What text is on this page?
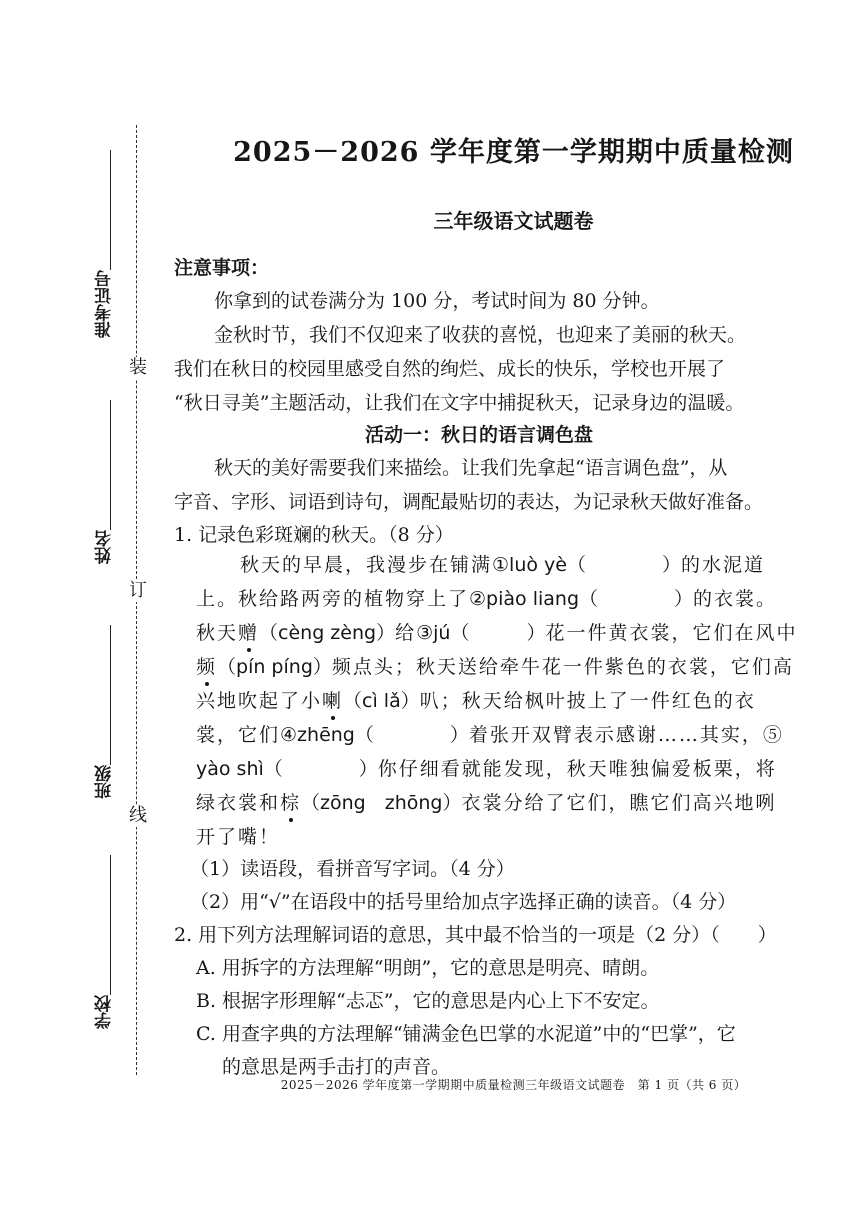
准考证号
姓名
班级
学校
装
订
线
2025－2026 学年度第一学期期中质量检测
三年级语文试题卷
注意事项：
你拿到的试卷满分为 100 分，考试时间为 80 分钟。
金秋时节，我们不仅迎来了收获的喜悦，也迎来了美丽的秋天。
我们在秋日的校园里感受自然的绚烂、成长的快乐，学校也开展了
“秋日寻美”主题活动，让我们在文字中捕捉秋天，记录身边的温暖。
活动一：秋日的语言调色盘
秋天的美好需要我们来描绘。让我们先拿起“语言调色盘”，从
字音、字形、词语到诗句，调配最贴切的表达，为记录秋天做好准备。
1. 记录色彩斑斓的秋天。（8 分）
秋天的早晨，我漫步在铺满①luò yè（　　　　）的水泥道
上。秋给路两旁的植物穿上了②piào liang（　　　　）的衣裳。
秋天赠（cèng zèng）给③jú（　　　）花一件黄衣裳，它们在风中
频（pín píng）频点头；秋天送给牵牛花一件紫色的衣裳，它们高
兴地吹起了小喇（cì lǎ）叭；秋天给枫叶披上了一件红色的衣
裳，它们④zhēng（　　　　）着张开双臂表示感谢……其实，⑤
yào shì（　　　　）你仔细看就能发现，秋天唯独偏爱板栗，将
绿衣裳和棕（zōng　zhōng）衣裳分给了它们，瞧它们高兴地咧
开了嘴！
（1）读语段，看拼音写字词。（4 分）
（2）用“√”在语段中的括号里给加点字选择正确的读音。（4 分）
2. 用下列方法理解词语的意思，其中最不恰当的一项是（2 分）（　　）
A. 用拆字的方法理解“明朗”，它的意思是明亮、晴朗。
B. 根据字形理解“忐忑”，它的意思是内心上下不安定。
C. 用查字典的方法理解“铺满金色巴掌的水泥道”中的“巴掌”，它
的意思是两手击打的声音。
2025－2026 学年度第一学期期中质量检测三年级语文试题卷　第 1 页（共 6 页）
